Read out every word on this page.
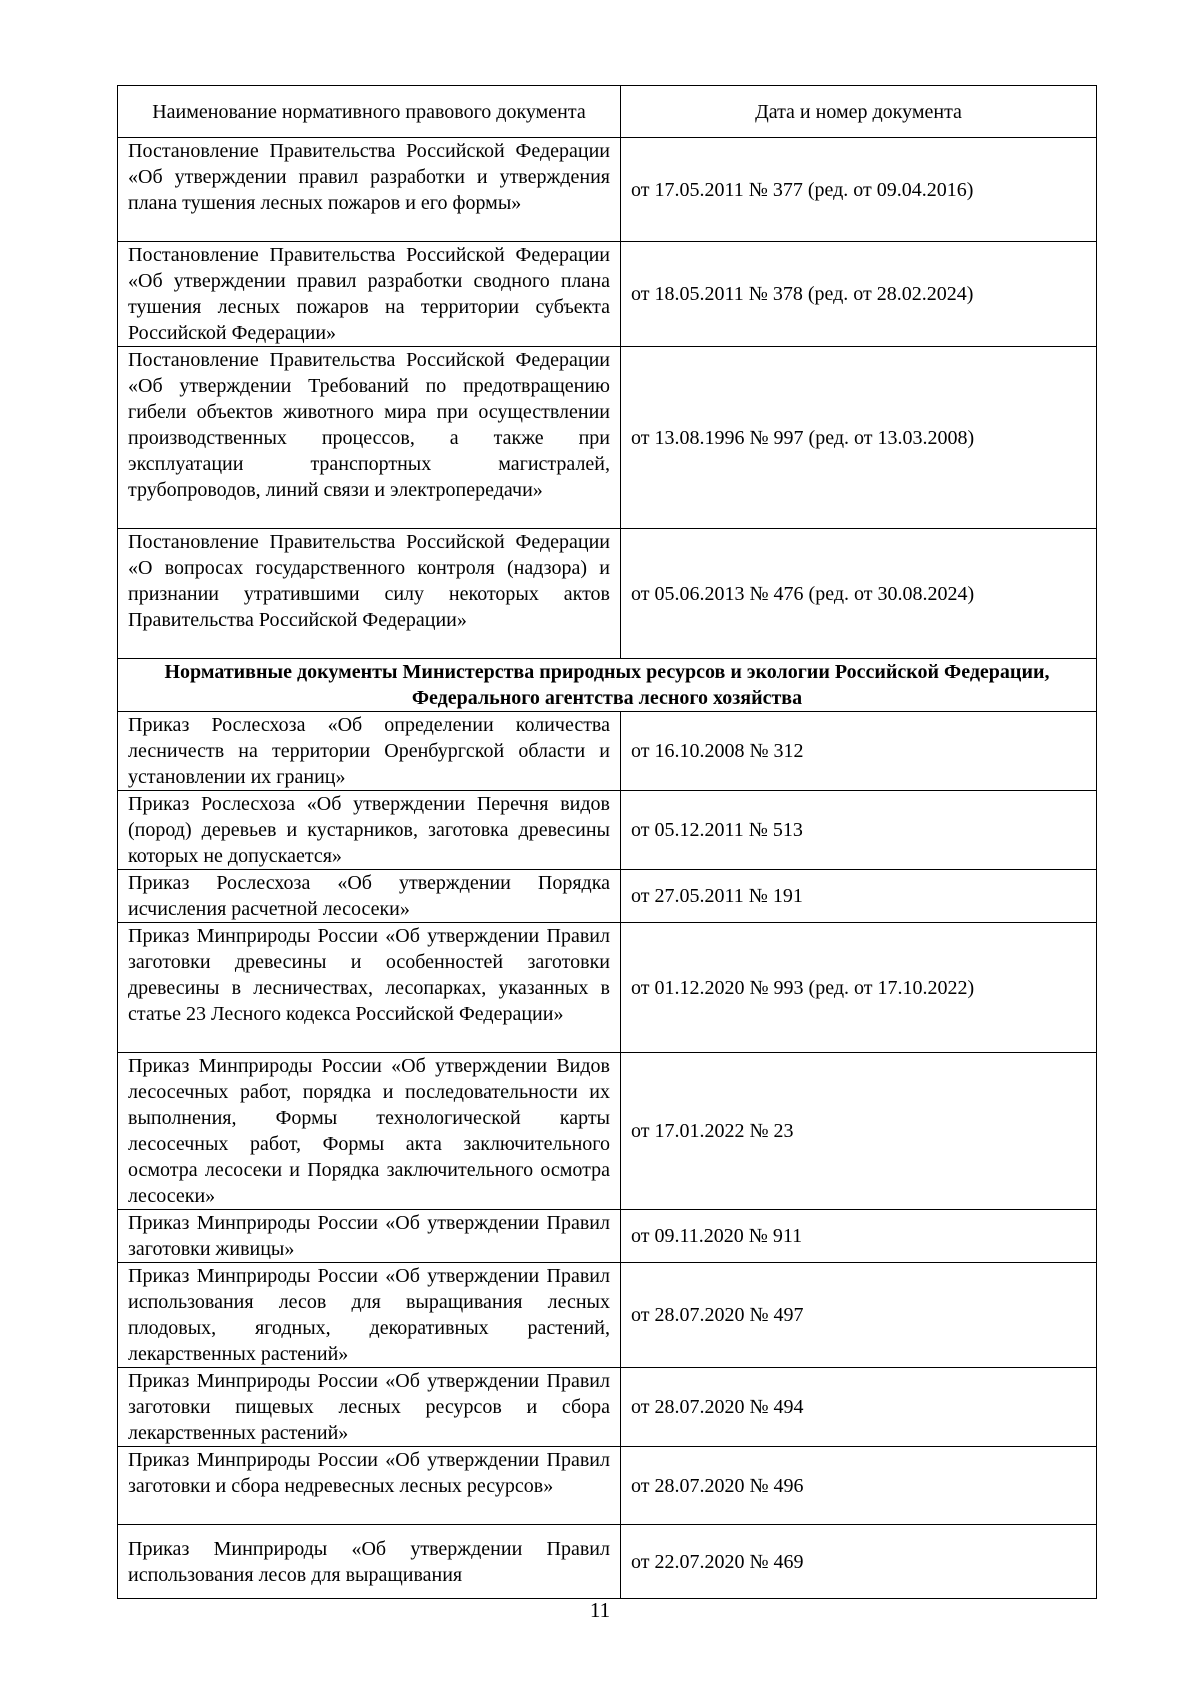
Наименование нормативного правового документа	Дата и номер документа
Постановление Правительства Российской Федерации «Об утверждении правил разработки и утверждения плана тушения лесных пожаров и его формы»	от 17.05.2011 № 377 (ред. от 09.04.2016)
Постановление Правительства Российской Федерации «Об утверждении правил разработки сводного плана тушения лесных пожаров на территории субъекта Российской Федерации»	от 18.05.2011 № 378 (ред. от 28.02.2024)
Постановление Правительства Российской Федерации «Об утверждении Требований по предотвращению гибели объектов животного мира при осуществлении производственных процессов, а также при эксплуатации транспортных магистралей, трубопроводов, линий связи и электропередачи»	от 13.08.1996 № 997 (ред. от 13.03.2008)
Постановление Правительства Российской Федерации «О вопросах государственного контроля (надзора) и признании утратившими силу некоторых актов Правительства Российской Федерации»	от 05.06.2013 № 476 (ред. от 30.08.2024)
Нормативные документы Министерства природных ресурсов и экологии Российской Федерации, Федерального агентства лесного хозяйства	
Приказ Рослесхоза «Об определении количества лесничеств на территории Оренбургской области и установлении их границ»	от 16.10.2008 № 312
Приказ Рослесхоза «Об утверждении Перечня видов (пород) деревьев и кустарников, заготовка древесины которых не допускается»	от 05.12.2011 № 513
Приказ Рослесхоза «Об утверждении Порядка исчисления расчетной лесосеки»	от 27.05.2011 № 191
Приказ Минприроды России «Об утверждении Правил заготовки древесины и особенностей заготовки древесины в лесничествах, лесопарках, указанных в статье 23 Лесного кодекса Российской Федерации»	от 01.12.2020 № 993 (ред. от 17.10.2022)
Приказ Минприроды России «Об утверждении Видов лесосечных работ, порядка и последовательности их выполнения, Формы технологической карты лесосечных работ, Формы акта заключительного осмотра лесосеки и Порядка заключительного осмотра лесосеки»	от 17.01.2022 № 23
Приказ Минприроды России «Об утверждении Правил заготовки живицы»	от 09.11.2020 № 911
Приказ Минприроды России «Об утверждении Правил использования лесов для выращивания лесных плодовых, ягодных, декоративных растений, лекарственных растений»	от 28.07.2020 № 497
Приказ Минприроды России «Об утверждении Правил заготовки пищевых лесных ресурсов и сбора лекарственных растений»	от 28.07.2020 № 494
Приказ Минприроды России «Об утверждении Правил заготовки и сбора недревесных лесных ресурсов»	от 28.07.2020 № 496
Приказ Минприроды «Об утверждении Правил использования лесов для выращивания	от 22.07.2020 № 469
11
